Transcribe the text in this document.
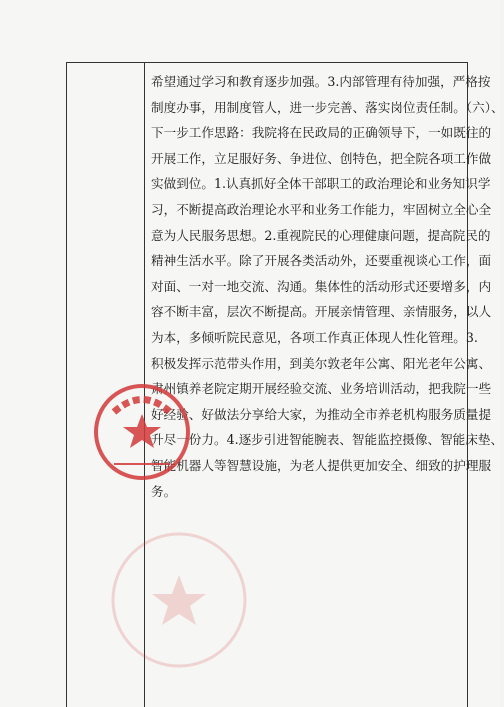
希望通过学习和教育逐步加强。3.内部管理有待加强，严格按
制度办事，用制度管人，进一步完善、落实岗位责任制。（六）、
下一步工作思路：我院将在民政局的正确领导下，一如既往的
开展工作，立足服好务、争进位、创特色，把全院各项工作做
实做到位。1.认真抓好全体干部职工的政治理论和业务知识学
习，不断提高政治理论水平和业务工作能力，牢固树立全心全
意为人民服务思想。2.重视院民的心理健康问题，提高院民的
精神生活水平。除了开展各类活动外，还要重视谈心工作，面
对面、一对一地交流、沟通。集体性的活动形式还要增多，内
容不断丰富，层次不断提高。开展亲情管理、亲情服务，以人
为本，多倾听院民意见，各项工作真正体现人性化管理。3.
积极发挥示范带头作用，到美尔敦老年公寓、阳光老年公寓、
肃州镇养老院定期开展经验交流、业务培训活动，把我院一些
好经验、好做法分享给大家，为推动全市养老机构服务质量提
升尽一份力。4.逐步引进智能腕表、智能监控摄像、智能床垫、
智能机器人等智慧设施，为老人提供更加安全、细致的护理服
务。
